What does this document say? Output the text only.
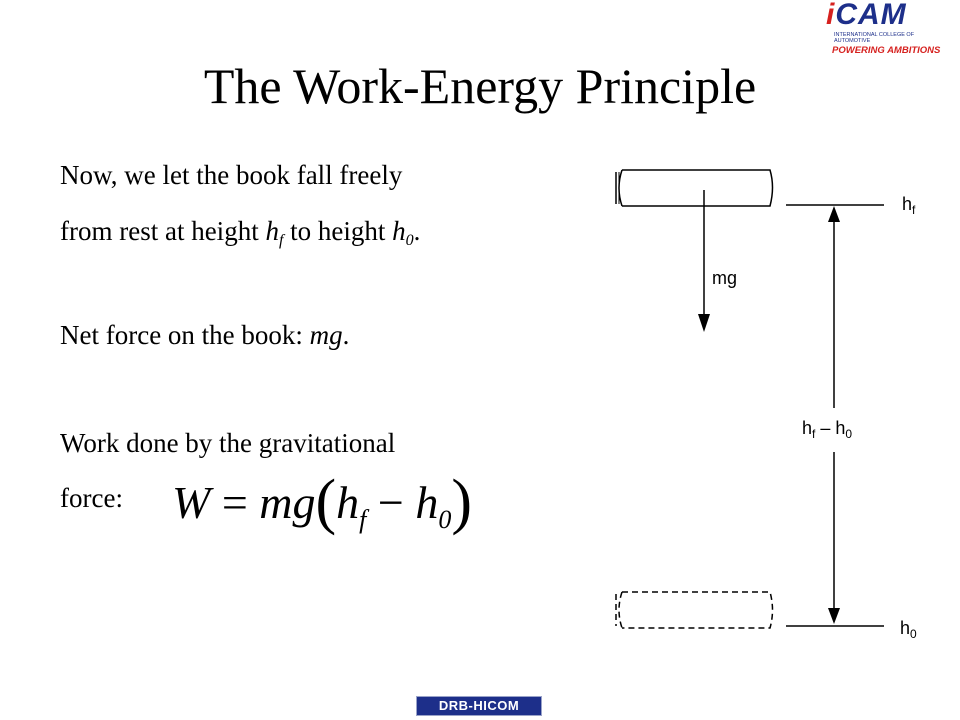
iCAM
INTERNATIONAL COLLEGE OF
AUTOMOTIVE
POWERING AMBITIONS
The Work-Energy Principle
Now, we let the book fall freely
from rest at height $h_f$ to height $h_0$.
Net force on the book: mg.
Work done by the gravitational
force: $W = mg(h_f - h_0)$
mg
$h_f$
$h_f - h_0$
$h_0$
DRB-HICOM
